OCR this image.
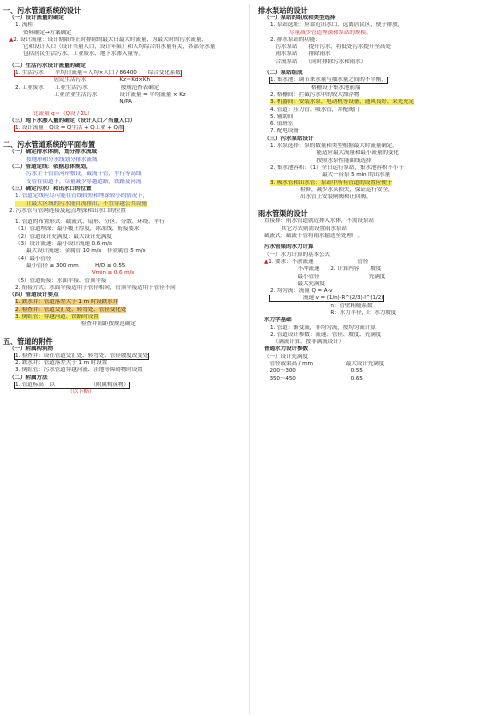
一、污水管道系统的设计
（一）设计流量的确定
1. 流程
资料确定→方案确定
▲2. 设计流量：设计期限终止时排除的最大日最大时流量，为最大时的污水流量，
它和设计人口（设计当量人口，设计年限）和人均综合用水量有关，各部分水量
包括居民生活污水、工业废水、地下水渗入量等。
（二）生活污水设计流量的确定
1. 生活污水　　平均日流量＝人均×人口 / 86400　　综合变化系数
　　　　　　　居民生活污水　　　　　　Kz＝Kd×Kh
2. 工业废水　　工业生活污水　　　　　　按规范查表确定
　　　　　　　工业企业生活污水　　　　设计流量 = 平均流量 × Kz
　　　　　　　　　　　　　　　　　　　N/PA
比流量 q＝（Q设 / ΣL）
（三）地下水渗入量的确定（设计人口／当量人口）
1. 设计流量　Q设 = Q生活 + Q工业 + Q渗
二、污水管道系统的平面布置
（一）确定排水体制，划分排水流域
　　按地形和分水线划分排水流域
（二）管道定线：依据总体规划，
　　污水主干管沿河岸敷设，截流干管，平行等高线
　　支管在街道下，尽量减少穿越道路，铁路及河流
（三）确定污水厂和出水口的位置
1. 管道定线应尽可能在管线较短和埋深较小的情况下，
　　让最大区域的污水能自流排出，不宜穿越公共设施
2. 污水管与管网连接及起点埋深和出水口的位置
1. 管道的布置形式：截流式、扇形、分区、分散、环绕、平行
（1）管道埋深：最小覆土厚度，冰冻线，衔接要求
（2）管道设计充满度：最大设计充满度
（3）设计流速：最小设计流速 0.6 m/s
　　最大设计流速：金属管 10 m/s　非金属管 5 m/s
（4）最小管径
　　最小管径 ≥ 300 mm　　　H/D ≤ 0.55
　　　　　　　　　　　　　　Vmin ≥ 0.6 m/s
（5）管道衔接：水面平接、管顶平接
2. 衔接方式：水面平接适用于管径相同，管顶平接适用于管径不同
（四）管道设计要点
1. 跌水井：管道落差大于 1 m 时设跌水井
2. 检查井：管道交汇处、转弯处、管径变化处
3. 倒虹管：穿越河道、铁路时设置
　　　　　　　　　　　　检查井间距按规范确定
五、管道的附件
（一）附属构筑物
1. 检查井：设在管道交汇处、转弯处、管径坡度改变处
2. 跌水井：管道落差大于 1 m 时设置
3. 倒虹管：污水管道穿越河流、洼地等障碍物时设置
（二）附属方法
1. 管道标高　以　　　　　　　（附属构筑物）
　　　　　　　　　　（以下略）
排水泵站的设计
（一）泵站的组成和类型选择
1. 泵站选址：应靠近出水口，远离居民区，便于排放，
　　尽量减少管道埋深和泵站的规模。
2. 排水泵站的功能：
　污水泵站　　提升污水，将低处污水提升至高处
　雨水泵站　　排除雨水
　合流泵站　　（同时排除污水和雨水）
（二）泵站组成
1. 集水池：调节来水量与抽水量之间的不平衡，
　　　　　　格栅设于集水池前端
2. 格栅间：拦截污水中的较大漂浮物
3. 机器间：安装水泵、电动机等设备，通风良好、采光充足
4. 管道：压力管、吸水管，并配阀门
5. 辅助间
6. 值班室
7. 配电设备
（三）污水泵站设计
1. 水泵选择：泵的数量和类型根据最大时流量确定，
　　　　　　　能适应最大流量和最小流量的变化
　　　　　　　按照水泵性能曲线选择
2. 集水池容积：（1）全日运行泵站，集水池容积不小于
　　　　　　　　最大一台泵 5 min 的出水量
3. 吸水管和出水管：泵站中所有管道的设置应便于
　　　　检修，减少水头损失，保证运行安全，
　　　　出水管上安装闸阀和止回阀。
雨水管渠的设计
直接排：雨水管道就近排入水体，不需设泵站
　　其它方式则需设置雨水泵站
截流式：截流干管将雨水输送至处理厂。
污水管渠的水力计算
（一）水力计算的基本公式
▲1. 要求：不淤流速　　　　　　　　管径
　　　　　不冲流速　　2. 计算内容　　坡度
　　　　　最小管径　　　　　　　　　充满度
　　　　　最大充满度
2. 均匀流：流量 Q = A·v
　　　　　　流速 v = (1/n)·R^(2/3)·I^(1/2)
　　　　　　　　　　　n：管壁粗糙系数
　　　　　　　　　　　R：水力半径，I：水力坡度
水力学基础
1. 管道：渐变流，非均匀流，按均匀流计算
2. 管道设计参数：流速、管径、坡度、充满度
　（满流计算，按非满流设计）
普通水力设计参数
（一）设计充满度
　管径或渠高 / mm　　　　　　最大设计充满度
　200～300　　　　　　　　　　0.55
　350～450　　　　　　　　　　0.65
